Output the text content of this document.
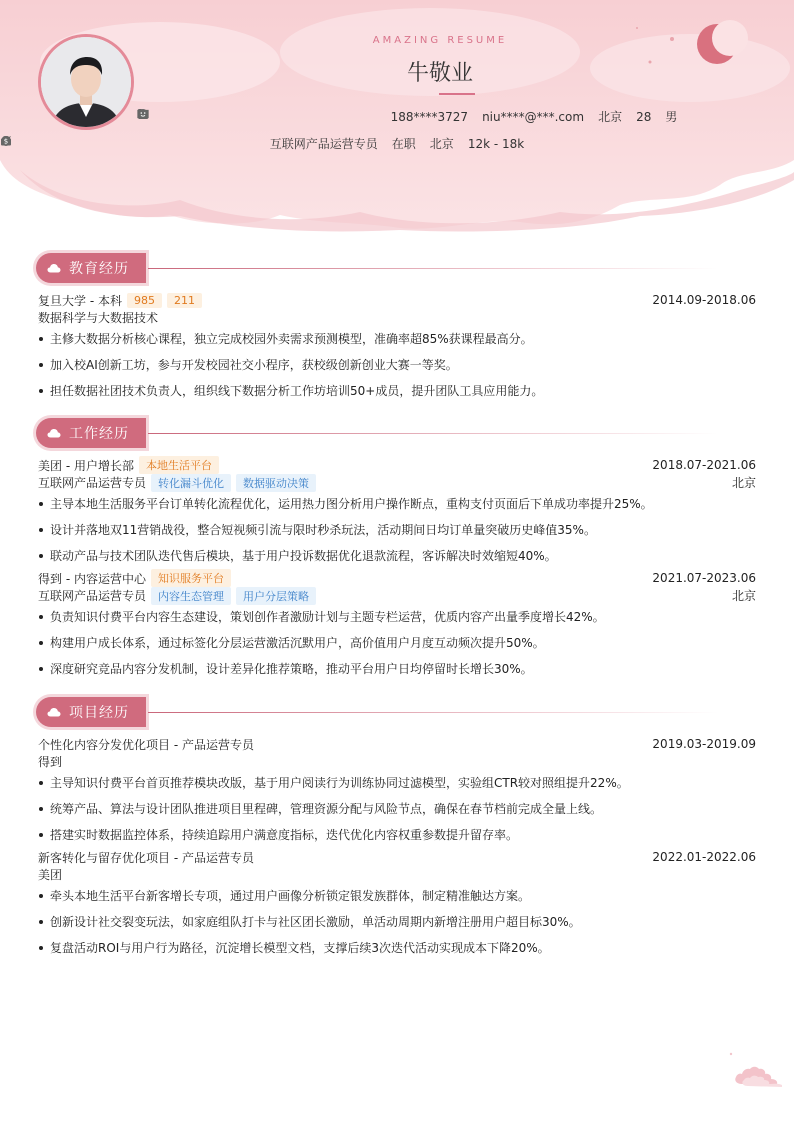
AMAZING RESUME
牛敬业
188****3727 niu****@***.com 北京 28 男
互联网产品运营专员 在职 北京
$	12k - 18k
教育经历
复旦大学 - 本科	985	211	2014.09-2018.06
数据科学与大数据技术
主修大数据分析核心课程，独立完成校园外卖需求预测模型，准确率超85%获课程最高分。
加入校AI创新工坊，参与开发校园社交小程序，获校级创新创业大赛一等奖。
担任数据社团技术负责人，组织线下数据分析工作坊培训50+成员，提升团队工具应用能力。
工作经历
美团 - 用户增长部	本地生活平台	2018.07-2021.06
互联网产品运营专员	转化漏斗优化	数据驱动决策	北京
主导本地生活服务平台订单转化流程优化，运用热力图分析用户操作断点，重构支付页面后下单成功率提升25%。
设计并落地双11营销战役，整合短视频引流与限时秒杀玩法，活动期间日均订单量突破历史峰值35%。
联动产品与技术团队迭代售后模块，基于用户投诉数据优化退款流程，客诉解决时效缩短40%。
得到 - 内容运营中心	知识服务平台	2021.07-2023.06
互联网产品运营专员	内容生态管理	用户分层策略	北京
负责知识付费平台内容生态建设，策划创作者激励计划与主题专栏运营，优质内容产出量季度增长42%。
构建用户成长体系，通过标签化分层运营激活沉默用户，高价值用户月度互动频次提升50%。
深度研究竞品内容分发机制，设计差异化推荐策略，推动平台用户日均停留时长增长30%。
项目经历
个性化内容分发优化项目 - 产品运营专员	2019.03-2019.09
得到
主导知识付费平台首页推荐模块改版，基于用户阅读行为训练协同过滤模型，实验组CTR较对照组提升22%。
统筹产品、算法与设计团队推进项目里程碑，管理资源分配与风险节点，确保在春节档前完成全量上线。
搭建实时数据监控体系，持续追踪用户满意度指标，迭代优化内容权重参数提升留存率。
新客转化与留存优化项目 - 产品运营专员	2022.01-2022.06
美团
牵头本地生活平台新客增长专项，通过用户画像分析锁定银发族群体，制定精准触达方案。
创新设计社交裂变玩法，如家庭组队打卡与社区团长激励，单活动周期内新增注册用户超目标30%。
复盘活动ROI与用户行为路径，沉淀增长模型文档，支撑后续3次迭代活动实现成本下降20%。
